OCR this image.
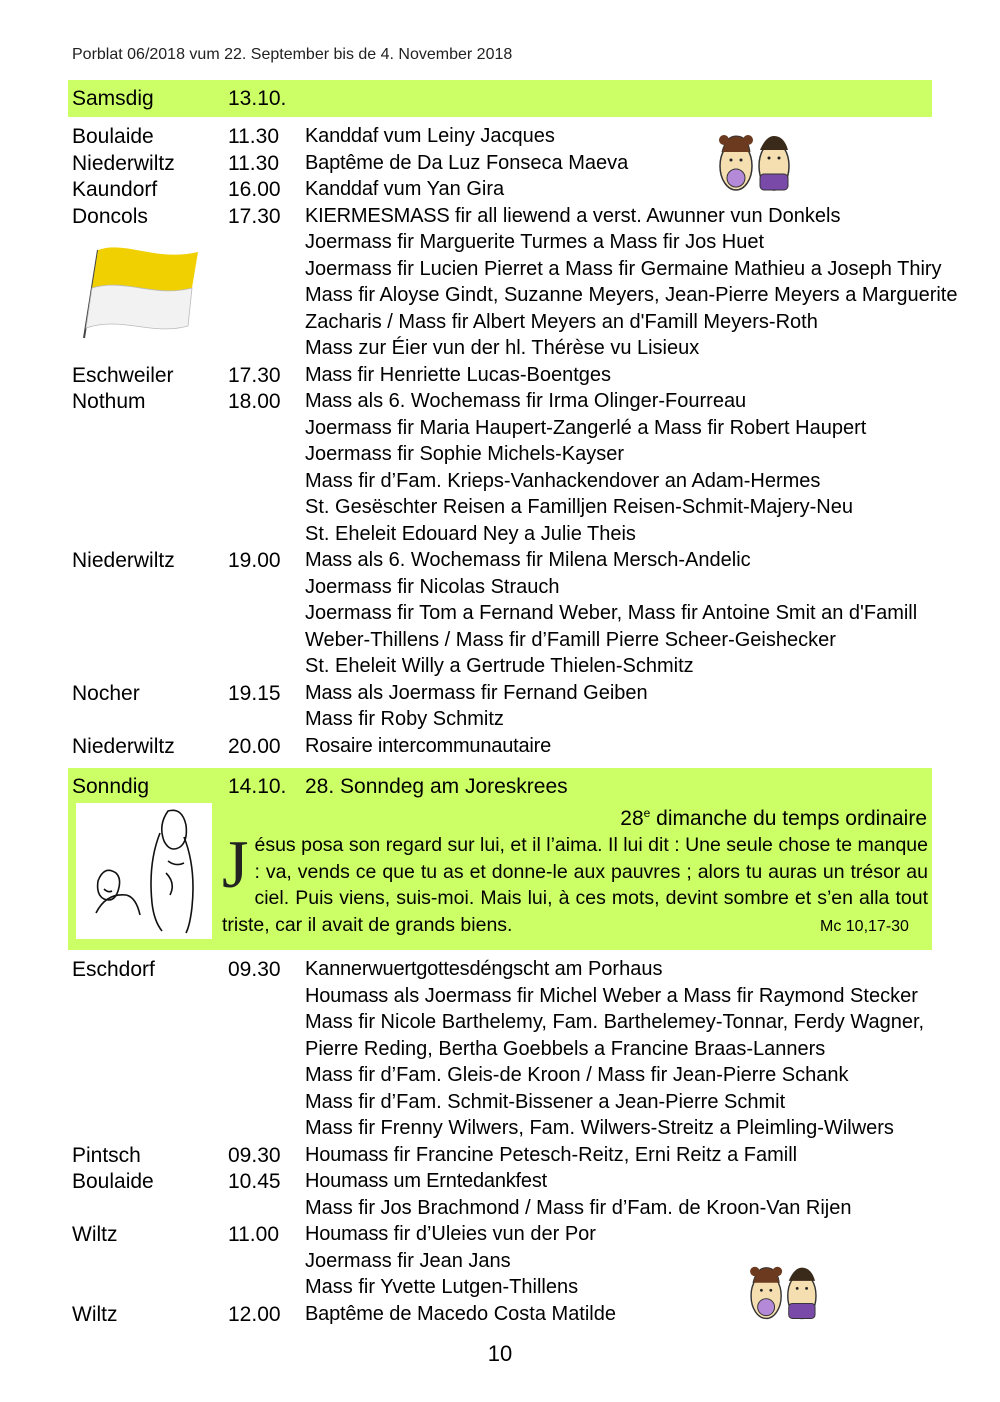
Porblat 06/2018 vum 22. September bis de 4. November 2018
Samsdig	13.10.
Boulaide	11.30 Kanddaf vum Leiny Jacques
Niederwiltz	11.30 Baptême de Da Luz Fonseca Maeva
Kaundorf	16.00 Kanddaf vum Yan Gira
Doncols	17.30 KIERMESMASS fir all liewend a verst. Awunner vun Donkels
Joermass fir Marguerite Turmes a Mass fir Jos Huet
Joermass fir Lucien Pierret a Mass fir Germaine Mathieu a Joseph Thiry
Mass fir Aloyse Gindt, Suzanne Meyers, Jean-Pierre Meyers a Marguerite
Zacharis / Mass fir Albert Meyers an d'Famill Meyers-Roth
Mass zur Éier vun der hl. Thérèse vu Lisieux
Eschweiler	17.30 Mass fir Henriette Lucas-Boentges
Nothum	18.00 Mass als 6. Wochemass fir Irma Olinger-Fourreau
Joermass fir Maria Haupert-Zangerlé a Mass fir Robert Haupert
Joermass fir Sophie Michels-Kayser
Mass fir d’Fam. Krieps-Vanhackendover an Adam-Hermes
St. Gesëschter Reisen a Familljen Reisen-Schmit-Majery-Neu
St. Eheleit Edouard Ney a Julie Theis
Niederwiltz	19.00 Mass als 6. Wochemass fir Milena Mersch-Andelic
Joermass fir Nicolas Strauch
Joermass fir Tom a Fernand Weber, Mass fir Antoine Smit an d'Famill
Weber-Thillens / Mass fir d’Famill Pierre Scheer-Geishecker
St. Eheleit Willy a Gertrude Thielen-Schmitz
Nocher	19.15 Mass als Joermass fir Fernand Geiben
Mass fir Roby Schmitz
Niederwiltz	20.00 Rosaire intercommunautaire
Sonndig	14.10. 28. Sonndeg am Joreskrees
28e dimanche du temps ordinaire
Jésus posa son regard sur lui, et il l’aima. Il lui dit : Une seule chose te manque : va, vends ce que tu as et donne-le aux pauvres ; alors tu auras un trésor au ciel. Puis viens, suis-moi. Mais lui, à ces mots, devint sombre et s’en alla tout triste, car il avait de grands biens.	Mc 10,17-30
Eschdorf	09.30 Kannerwuertgottesdéngscht am Porhaus
Houmass als Joermass fir Michel Weber a Mass fir Raymond Stecker
Mass fir Nicole Barthelemy, Fam. Barthelemey-Tonnar, Ferdy Wagner,
Pierre Reding, Bertha Goebbels a Francine Braas-Lanners
Mass fir d’Fam. Gleis-de Kroon / Mass fir Jean-Pierre Schank
Mass fir d’Fam. Schmit-Bissener a Jean-Pierre Schmit
Mass fir Frenny Wilwers, Fam. Wilwers-Streitz a Pleimling-Wilwers
Pintsch	09.30 Houmass fir Francine Petesch-Reitz, Erni Reitz a Famill
Boulaide	10.45 Houmass um Erntedankfest
Mass fir Jos Brachmond / Mass fir d’Fam. de Kroon-Van Rijen
Wiltz	11.00 Houmass fir d’Uleies vun der Por
Joermass fir Jean Jans
Mass fir Yvette Lutgen-Thillens
Wiltz	12.00 Baptême de Macedo Costa Matilde
10
